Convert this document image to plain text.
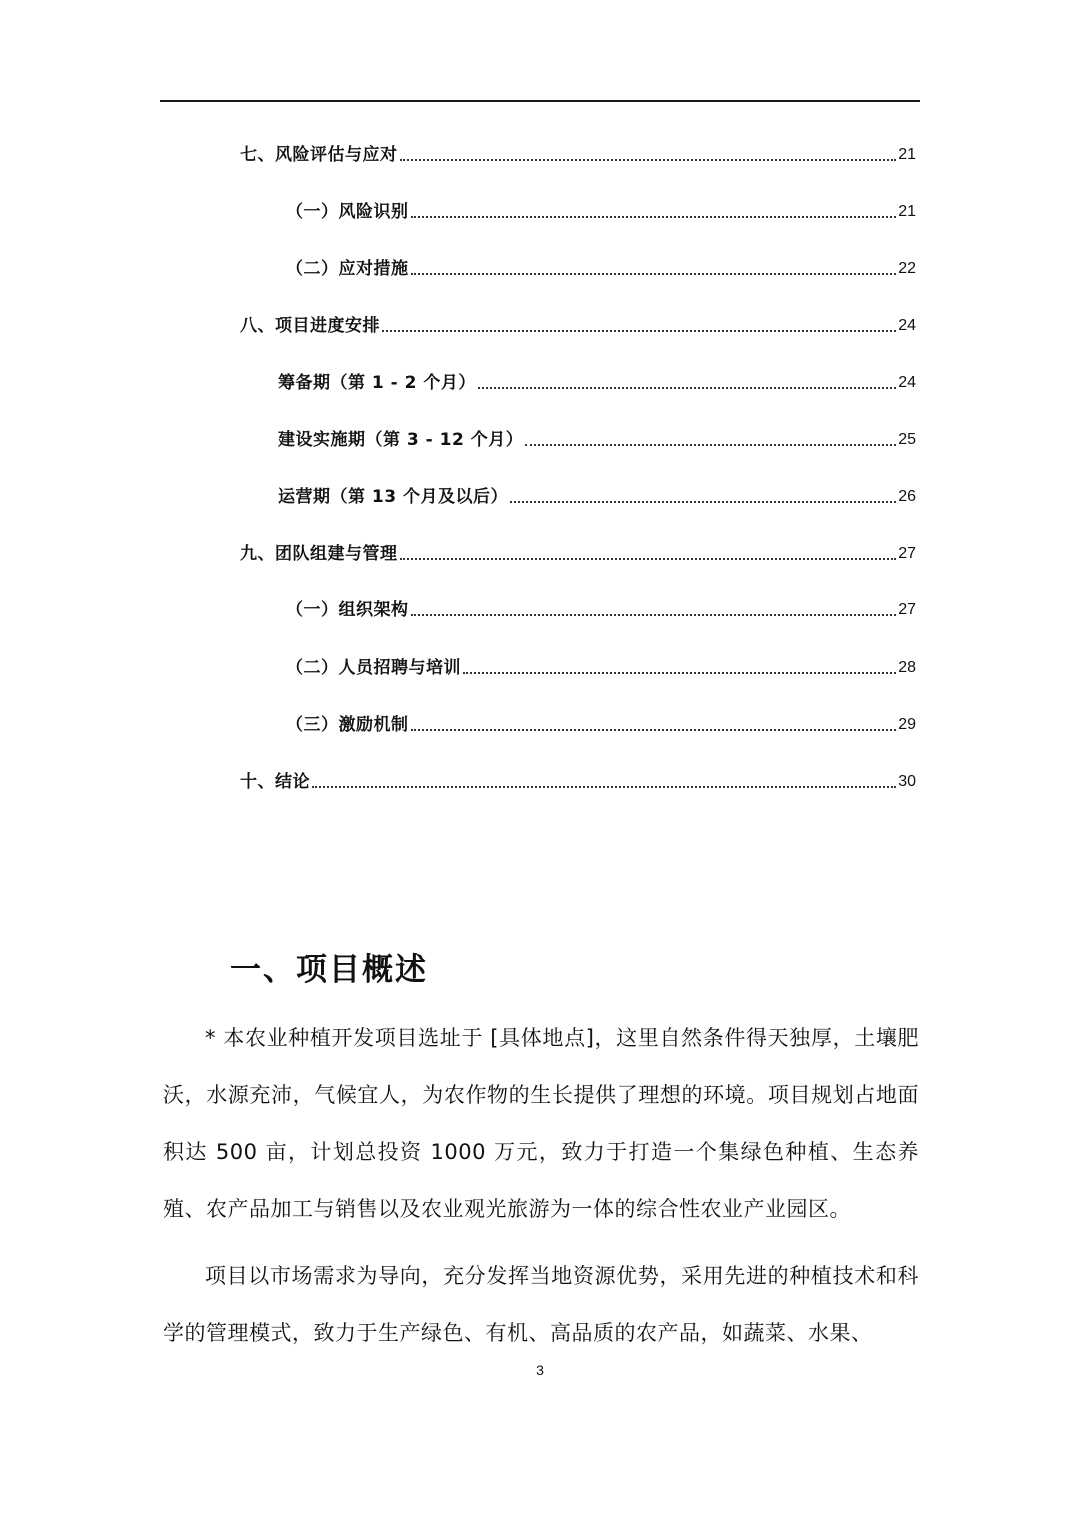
七、风险评估与应对	21
（一）风险识别	21
（二）应对措施	22
八、项目进度安排	24
筹备期（第 1 - 2 个月）	24
建设实施期（第 3 - 12 个月）	25
运营期（第 13 个月及以后）	26
九、团队组建与管理	27
（一）组织架构	27
（二）人员招聘与培训	28
（三）激励机制	29
十、结论	30
一、项目概述

* 本农业种植开发项目选址于 [具体地点]，这里自然条件得天独厚，土壤肥沃，水源充沛，气候宜人，为农作物的生长提供了理想的环境。项目规划占地面积达 500 亩，计划总投资 1000 万元，致力于打造一个集绿色种植、生态养殖、农产品加工与销售以及农业观光旅游为一体的综合性农业产业园区。

项目以市场需求为导向，充分发挥当地资源优势，采用先进的种植技术和科学的管理模式，致力于生产绿色、有机、高品质的农产品，如蔬菜、水果、

3
